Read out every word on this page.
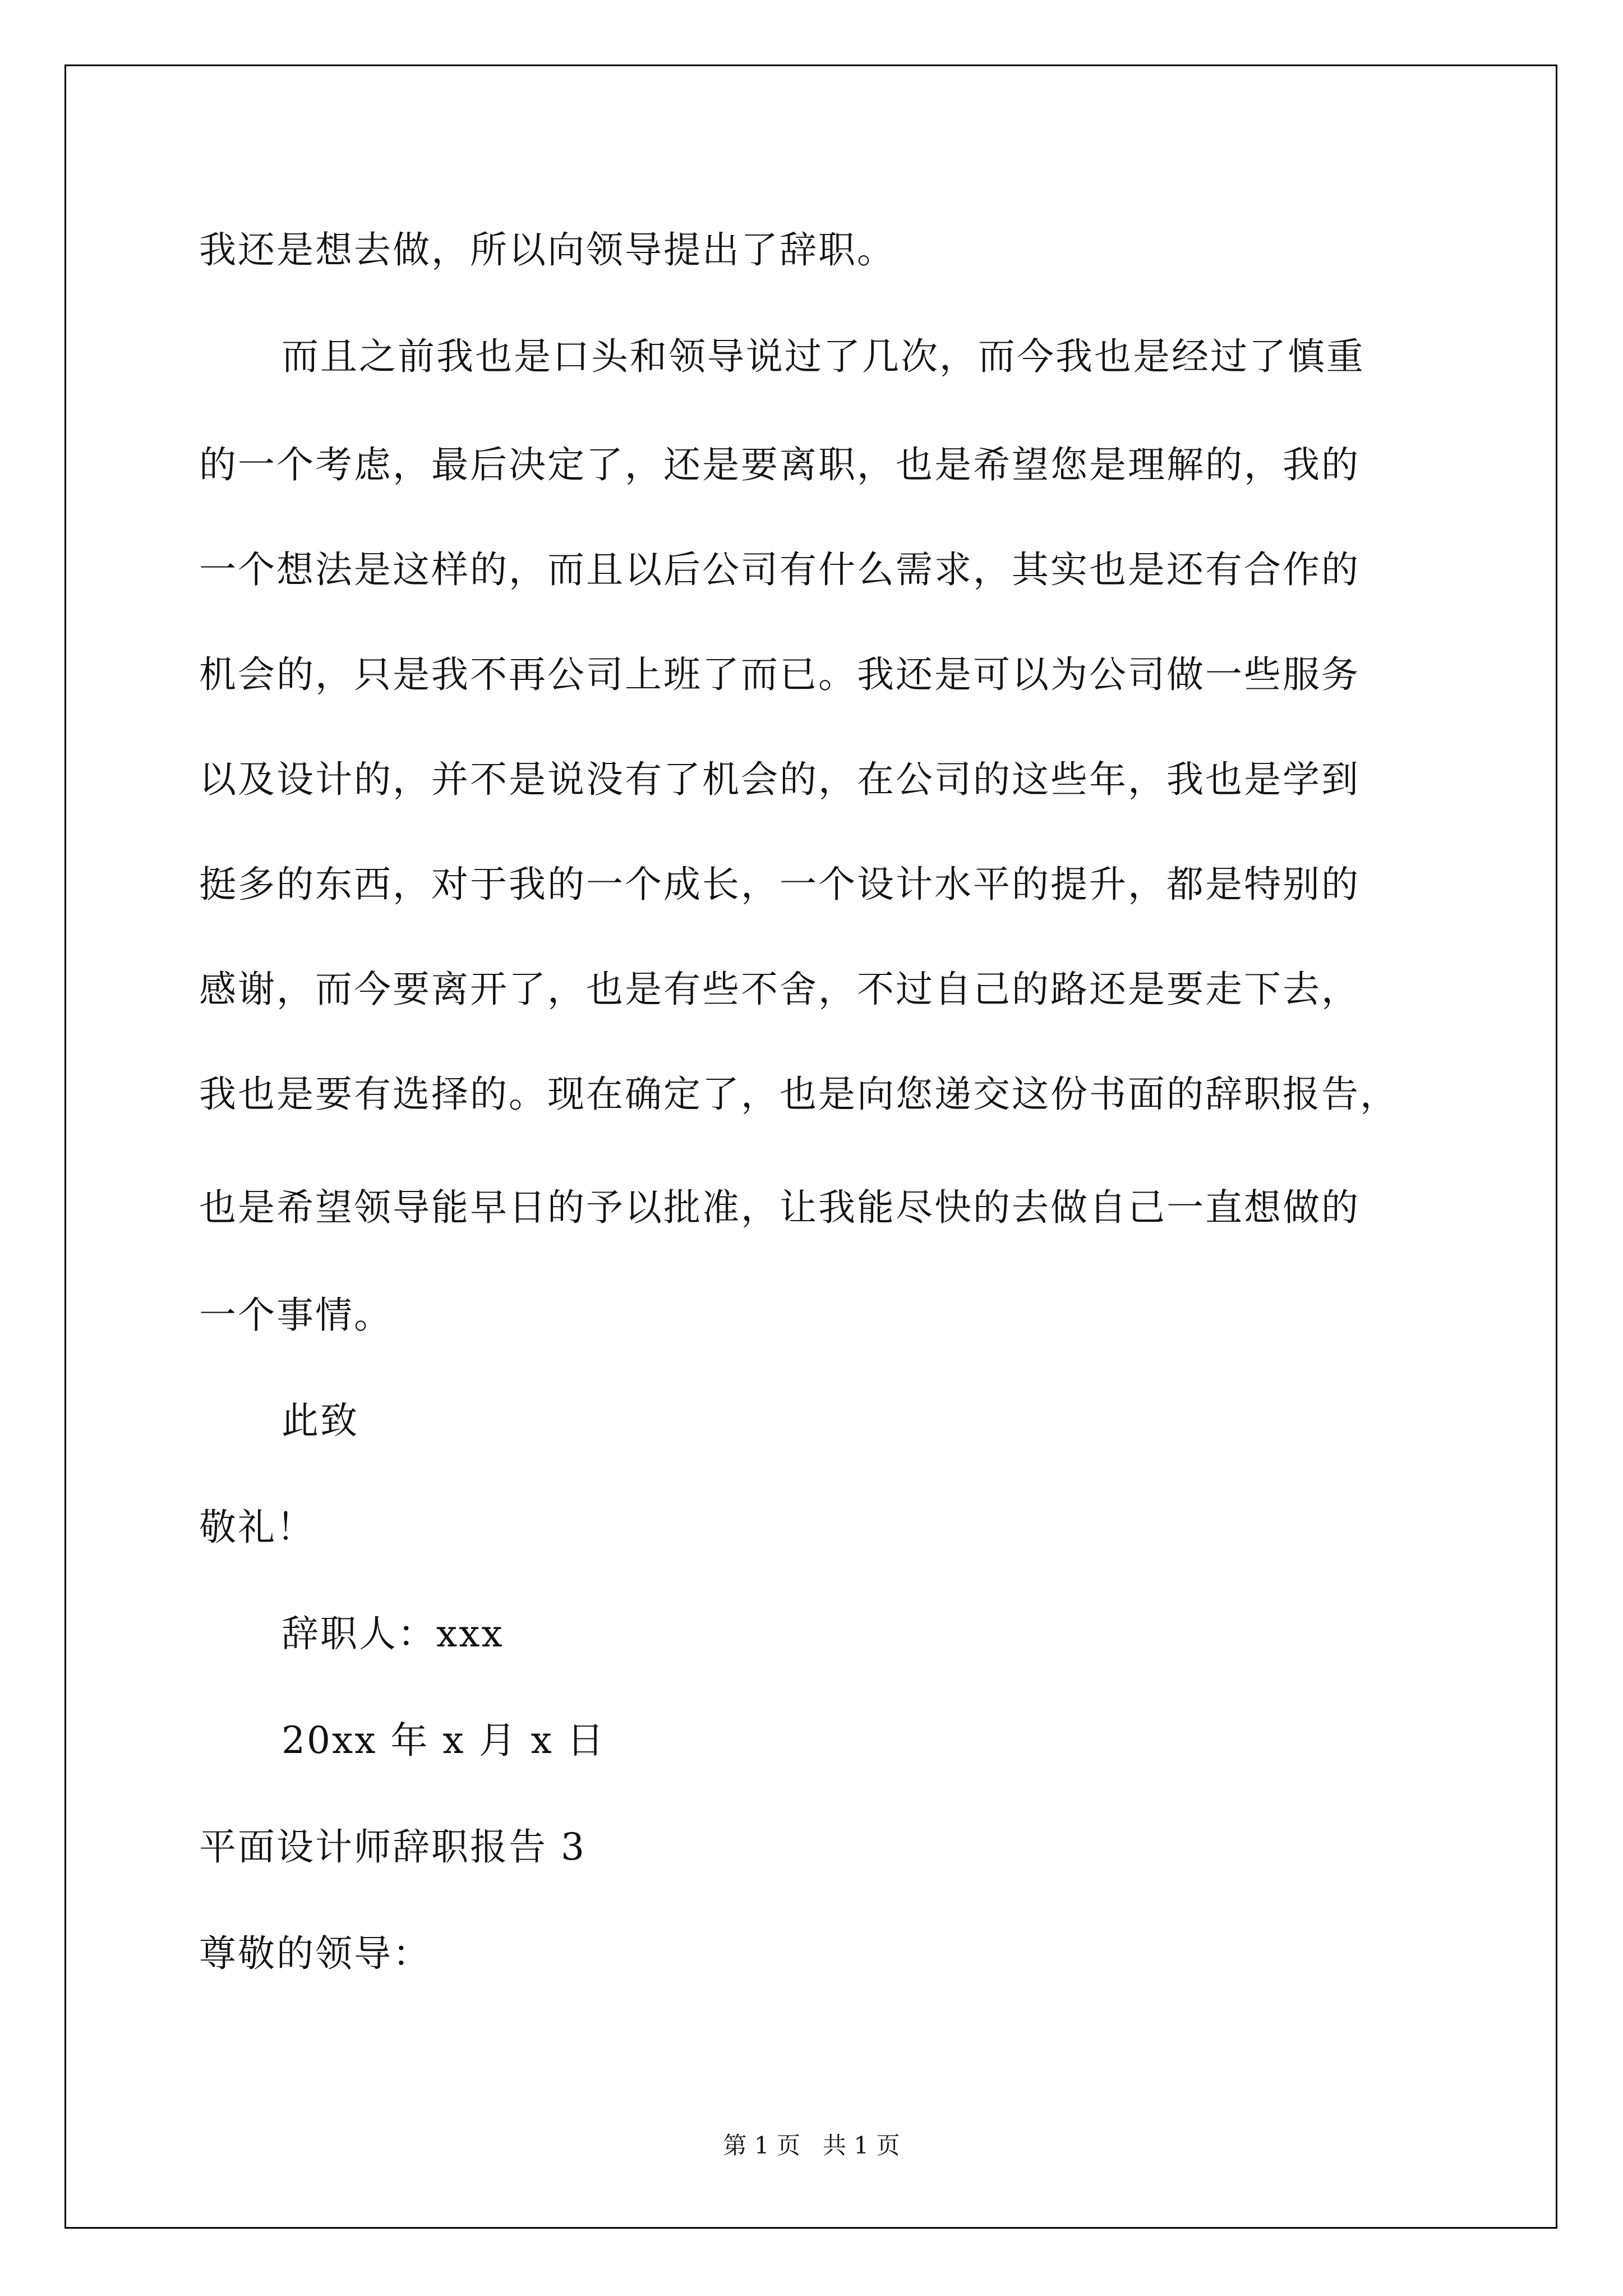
我还是想去做，所以向领导提出了辞职。
而且之前我也是口头和领导说过了几次，而今我也是经过了慎重
的一个考虑，最后决定了，还是要离职，也是希望您是理解的，我的
一个想法是这样的，而且以后公司有什么需求，其实也是还有合作的
机会的，只是我不再公司上班了而已。我还是可以为公司做一些服务
以及设计的，并不是说没有了机会的，在公司的这些年，我也是学到
挺多的东西，对于我的一个成长，一个设计水平的提升，都是特别的
感谢，而今要离开了，也是有些不舍，不过自己的路还是要走下去，
我也是要有选择的。现在确定了，也是向您递交这份书面的辞职报告，
也是希望领导能早日的予以批准，让我能尽快的去做自己一直想做的
一个事情。
此致
敬礼！
辞职人：xxx
20xx 年 x 月 x 日
平面设计师辞职报告 3
尊敬的领导：
第 1 页   共 1 页
